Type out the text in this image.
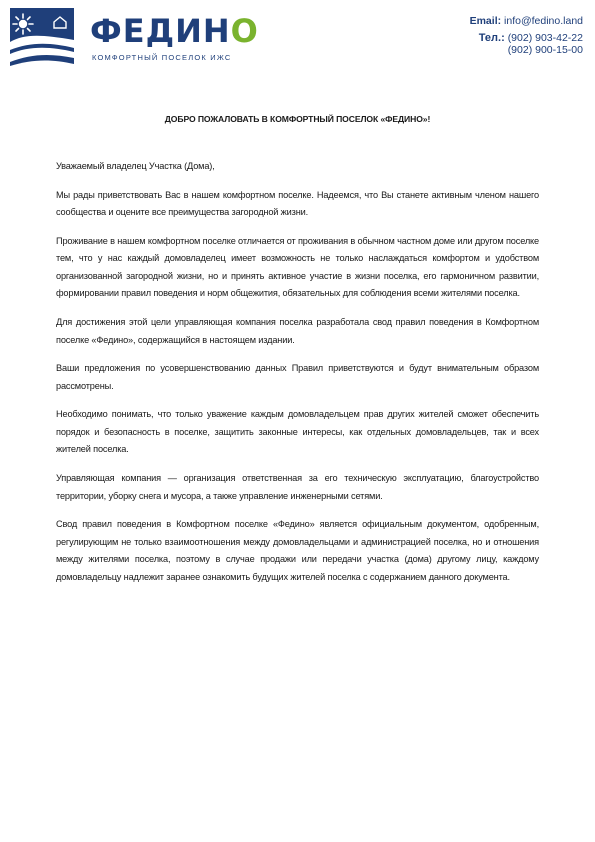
ФЕДИНО
КОМФОРТНЫЙ ПОСЕЛОК ИЖС
Email: info@fedino.land
Тел.: (902) 903-42-22
(902) 900-15-00
ДОБРО ПОЖАЛОВАТЬ В КОМФОРТНЫЙ ПОСЕЛОК «ФЕДИНО»!

Уважаемый владелец Участка (Дома),

Мы рады приветствовать Вас в нашем комфортном поселке. Надеемся, что Вы станете активным членом нашего сообщества и оцените все преимущества загородной жизни.

Проживание в нашем комфортном поселке отличается от проживания в обычном частном доме или другом поселке тем, что у нас каждый домовладелец имеет возможность не только наслаждаться комфортом и удобством организованной загородной жизни, но и принять активное участие в жизни поселка, его гармоничном развитии, формировании правил поведения и норм общежития, обязательных для соблюдения всеми жителями поселка.

Для достижения этой цели управляющая компания поселка разработала свод правил поведения в Комфортном поселке «Федино», содержащийся в настоящем издании.

Ваши предложения по усовершенствованию данных Правил приветствуются и будут внимательным образом рассмотрены.

Необходимо понимать, что только уважение каждым домовладельцем прав других жителей сможет обеспечить порядок и безопасность в поселке, защитить законные интересы, как отдельных домовладельцев, так и всех жителей поселка.

Управляющая компания — организация ответственная за его техническую эксплуатацию, благоустройство территории, уборку снега и мусора, а также управление инженерными сетями.

Свод правил поведения в Комфортном поселке «Федино» является официальным документом, одобренным, регулирующим не только взаимоотношения между домовладельцами и администрацией поселка, но и отношения между жителями поселка, поэтому в случае продажи или передачи участка (дома) другому лицу, каждому домовладельцу надлежит заранее ознакомить будущих жителей поселка с содержанием данного документа.
